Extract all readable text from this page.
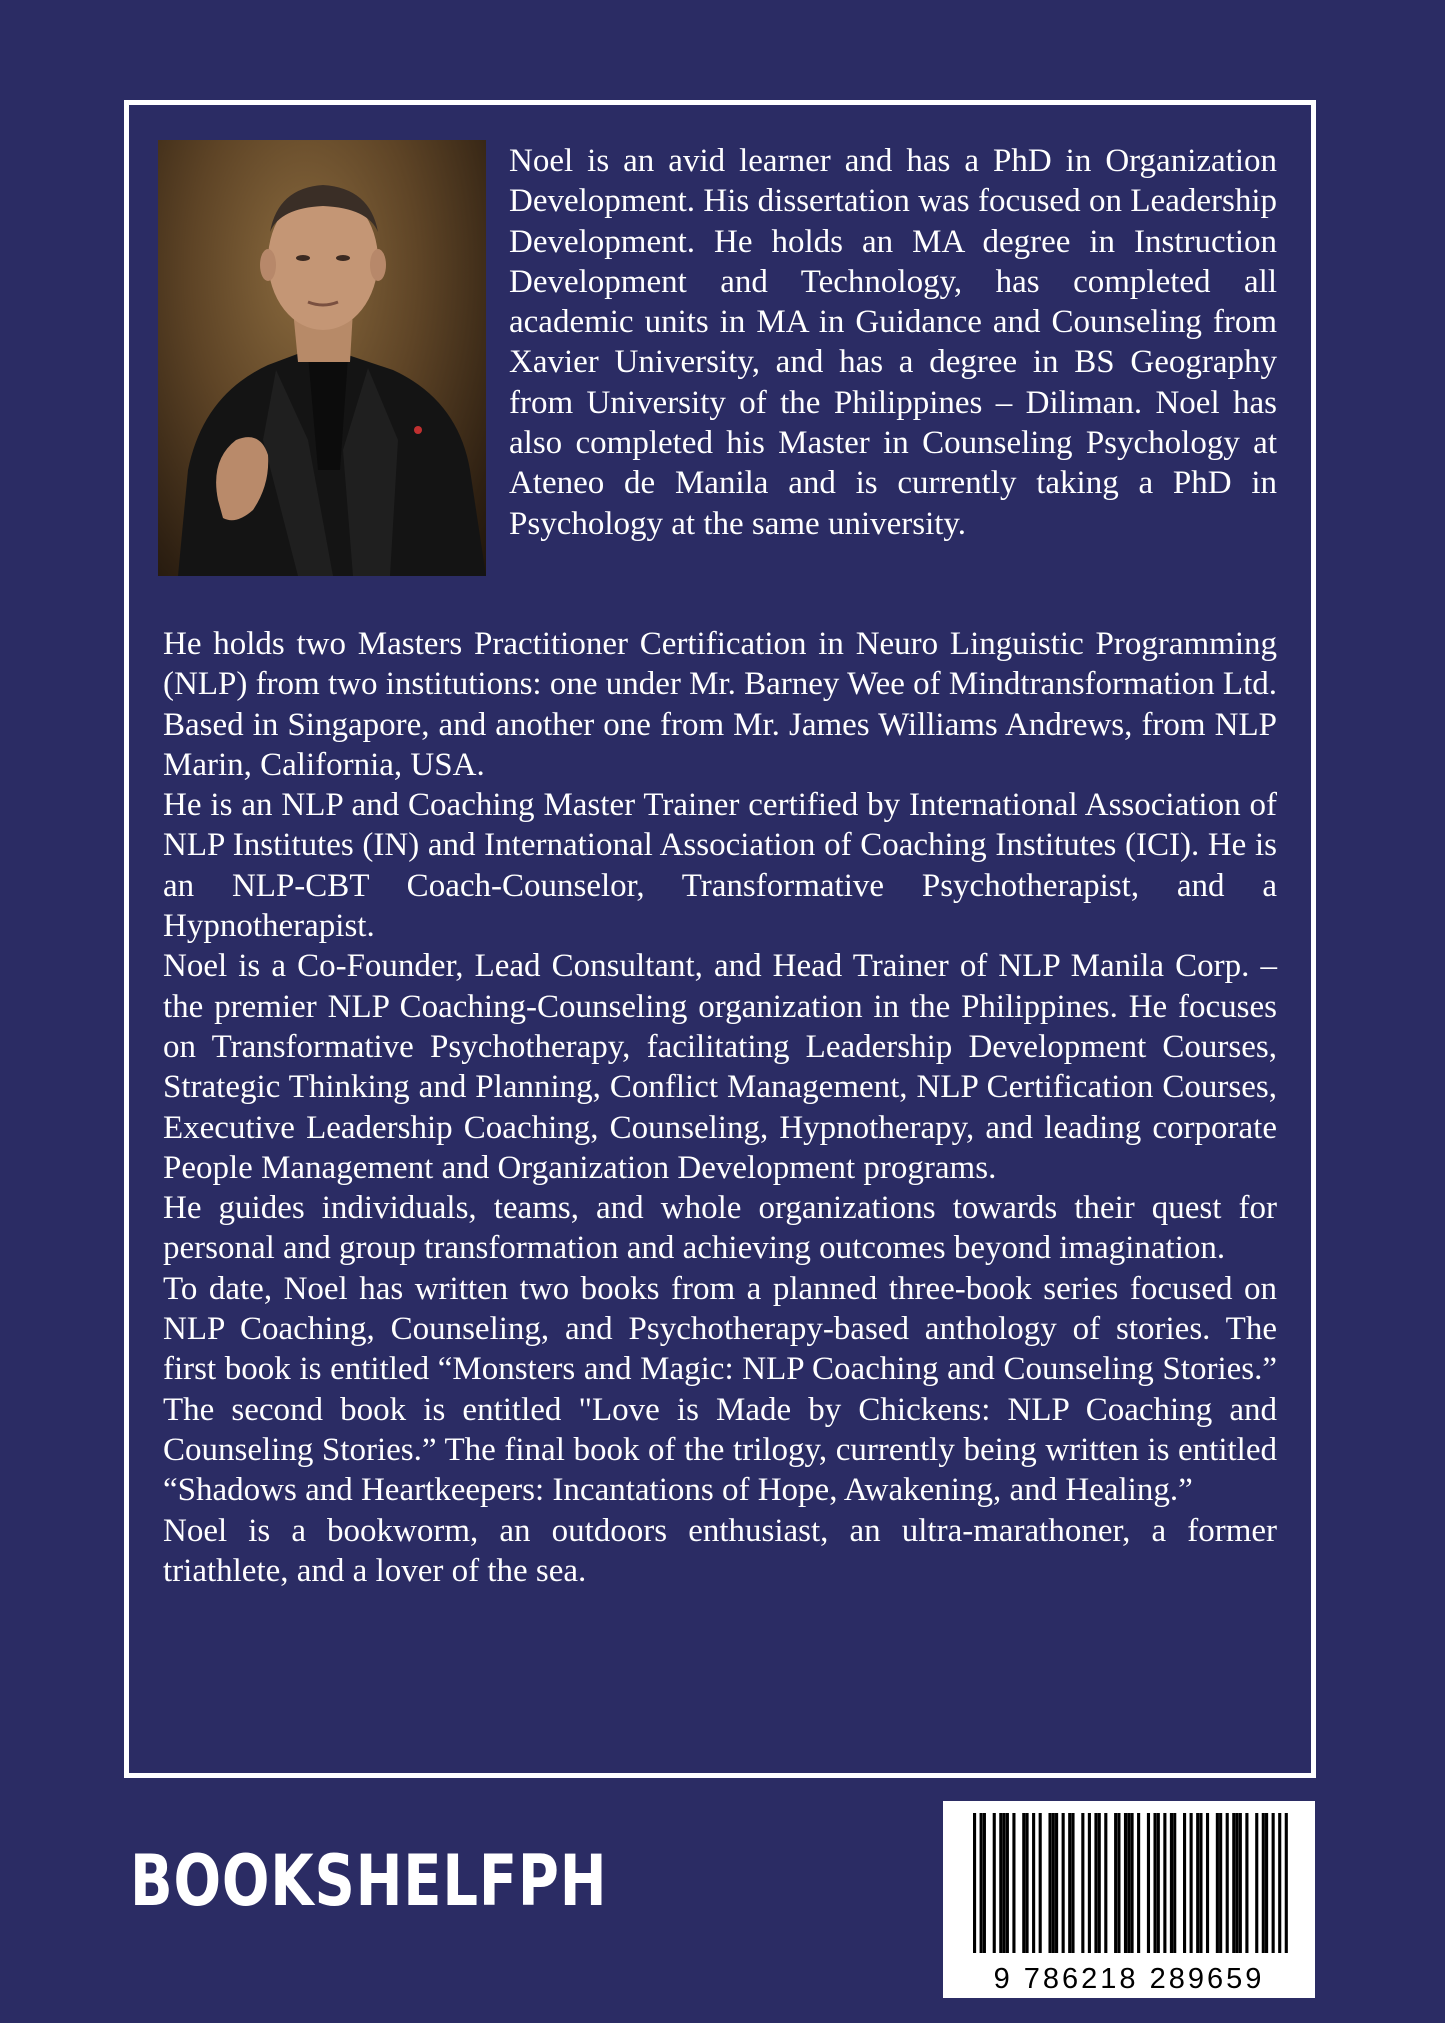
Noel is an avid learner and has a PhD in Organization Development. His dissertation was focused on Leadership Development. He holds an MA degree in Instruction Development and Technology, has completed all academic units in MA in Guidance and Counseling from Xavier University, and has a degree in BS Geography from University of the Philippines – Diliman. Noel has also completed his Master in Counseling Psychology at Ateneo de Manila and is currently taking a PhD in Psychology at the same university.

He holds two Masters Practitioner Certification in Neuro Linguistic Programming (NLP) from two institutions: one under Mr. Barney Wee of Mindtransformation Ltd. Based in Singapore, and another one from Mr. James Williams Andrews, from NLP Marin, California, USA.

He is an NLP and Coaching Master Trainer certified by International Association of NLP Institutes (IN) and International Association of Coaching Institutes (ICI). He is an NLP-CBT Coach-Counselor, Transformative Psychotherapist, and a Hypnotherapist.

Noel is a Co-Founder, Lead Consultant, and Head Trainer of NLP Manila Corp. – the premier NLP Coaching-Counseling organization in the Philippines. He focuses on Transformative Psychotherapy, facilitating Leadership Development Courses, Strategic Thinking and Planning, Conflict Management, NLP Certification Courses, Executive Leadership Coaching, Counseling, Hypnotherapy, and leading corporate People Management and Organization Development programs.

He guides individuals, teams, and whole organizations towards their quest for personal and group transformation and achieving outcomes beyond imagination.

To date, Noel has written two books from a planned three-book series focused on NLP Coaching, Counseling, and Psychotherapy-based anthology of stories. The first book is entitled “Monsters and Magic: NLP Coaching and Counseling Stories.” The second book is entitled "Love is Made by Chickens: NLP Coaching and Counseling Stories.” The final book of the trilogy, currently being written is entitled “Shadows and Heartkeepers: Incantations of Hope, Awakening, and Healing.”

Noel is a bookworm, an outdoors enthusiast, an ultra-marathoner, a former triathlete, and a lover of the sea.

BOOKSHELFPH
9 786218 289659
